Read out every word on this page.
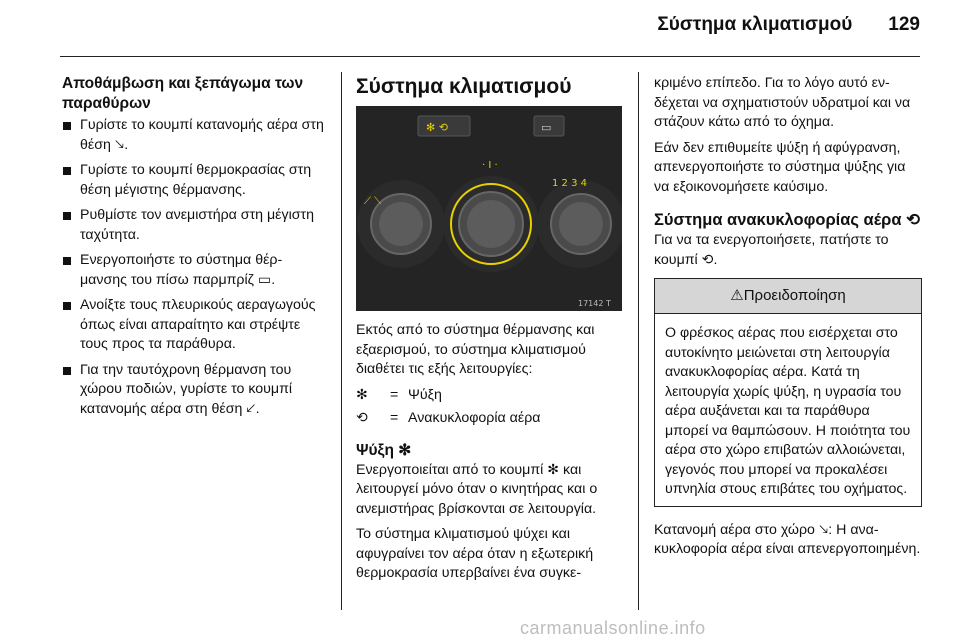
Σύστημα κλιματισμού 129
Αποθάμβωση και ξεπάγωμα των παραθύρων
Γυρίστε το κουμπί κατανομής αέρα στη θέση 🡖.
Γυρίστε το κουμπί θερμοκρασίας στη θέση μέγιστης θέρμανσης.
Ρυθμίστε τον ανεμιστήρα στη μέγιστη ταχύτητα.
Ενεργοποιήστε το σύστημα θέρμανσης του πίσω παρμπρίζ ▭.
Ανοίξτε τους πλευρικούς αεραγωγούς όπως είναι απαραίτητο και στρέψτε τους προς τα παράθυρα.
Για την ταυτόχρονη θέρμανση του χώρου ποδιών, γυρίστε το κουμπί κατανομής αέρα στη θέση 🡗.
Σύστημα κλιματισμού
✻ ⟲	▭
1 2 3 4
⟋ ⟍
· I ·
17142 T

Εκτός από το σύστημα θέρμανσης και εξαερισμού, το σύστημα κλιματισμού διαθέτει τις εξής λειτουργίες:

✻	= Ψύξη
⟲	= Ανακυκλοφορία αέρα
Ψύξη ✻

Ενεργοποιείται από το κουμπί ✻ και λειτουργεί μόνο όταν ο κινητήρας και ο ανεμιστήρας βρίσκονται σε λειτουργία.

Το σύστημα κλιματισμού ψύχει και αφυγραίνει τον αέρα όταν η εξωτερική θερμοκρασία υπερβαίνει ένα συγκε-

κριμένο επίπεδο. Για το λόγο αυτό ενδέχεται να σχηματιστούν υδρατμοί και να στάζουν κάτω από το όχημα.

Εάν δεν επιθυμείτε ψύξη ή αφύγρανση, απενεργοποιήστε το σύστημα ψύξης για να εξοικονομήσετε καύσιμο.

Σύστημα ανακυκλοφορίας αέρα ⟲

Για να τα ενεργοποιήσετε, πατήστε το κουμπί ⟲.

⚠Προειδοποίηση
Ο φρέσκος αέρας που εισέρχεται στο αυτοκίνητο μειώνεται στη λειτουργία ανακυκλοφορίας αέρα. Κατά τη λειτουργία χωρίς ψύξη, η υγρασία του αέρα αυξάνεται και τα παράθυρα μπορεί να θαμπώσουν. Η ποιότητα του αέρα στο χώρο επιβατών αλλοιώνεται, γεγονός που μπορεί να προκαλέσει υπνηλία στους επιβάτες του οχήματος.

Κατανομή αέρα στο χώρο 🡖: Η ανακυκλοφορία αέρα είναι απενεργοποιημένη.

carmanualsonline.info
